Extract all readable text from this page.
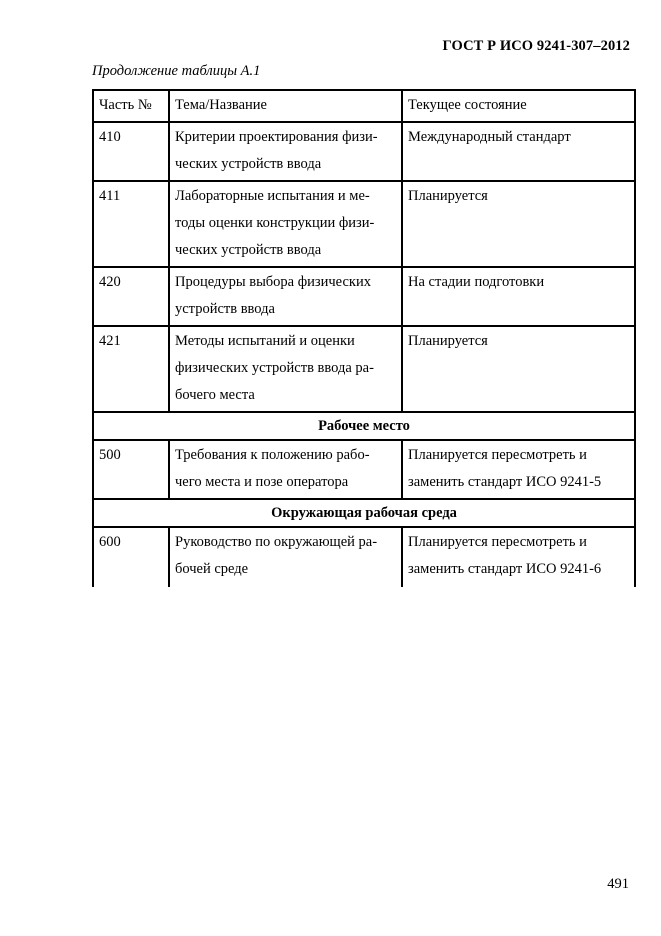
ГОСТ Р ИСО 9241-307–2012
Продолжение таблицы А.1
Часть №	Тема/Название	Текущее состояние
410	Критерии проектирования физи-
ческих устройств ввода	Международный стандарт
411	Лабораторные испытания и ме-
тоды оценки конструкции физи-
ческих устройств ввода	Планируется
420	Процедуры выбора физических
устройств ввода	На стадии подготовки
421	Методы испытаний и оценки
физических устройств ввода ра-
бочего места	Планируется
Рабочее место		
500	Требования к положению рабо-
чего места и позе оператора	Планируется пересмотреть и
заменить стандарт ИСО 9241-5
Окружающая рабочая среда		
600	Руководство по окружающей ра-
бочей среде	Планируется пересмотреть и
заменить стандарт ИСО 9241-6
491
